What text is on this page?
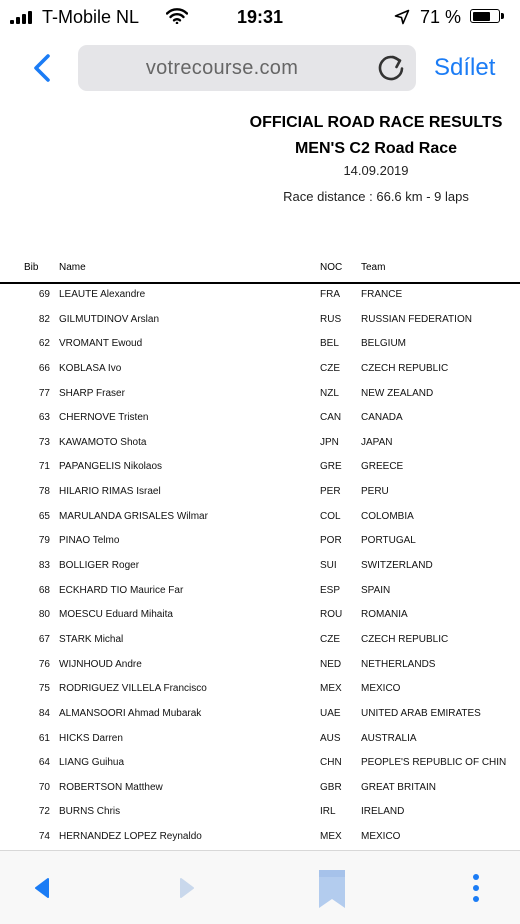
T-Mobile NL	19:31	71 %
votrecourse.com	Sdílet
OFFICIAL ROAD RACE RESULTS
MEN'S C2 Road Race
14.09.2019
Race distance : 66.6 km - 9 laps
Bib Name	NOC Team
69 LEAUTE Alexandre	FRA FRANCE
82 GILMUTDINOV Arslan	RUS RUSSIAN FEDERATION
62 VROMANT Ewoud	BEL BELGIUM
66 KOBLASA Ivo	CZE CZECH REPUBLIC
77 SHARP Fraser	NZL NEW ZEALAND
63 CHERNOVE Tristen	CAN CANADA
73 KAWAMOTO Shota	JPN JAPAN
71 PAPANGELIS Nikolaos	GRE GREECE
78 HILARIO RIMAS Israel	PER PERU
65 MARULANDA GRISALES Wilmar	COL COLOMBIA
79 PINAO Telmo	POR PORTUGAL
83 BOLLIGER Roger	SUI SWITZERLAND
68 ECKHARD TIO Maurice Far	ESP SPAIN
80 MOESCU Eduard Mihaita	ROU ROMANIA
67 STARK Michal	CZE CZECH REPUBLIC
76 WIJNHOUD Andre	NED NETHERLANDS
75 RODRIGUEZ VILLELA Francisco	MEX MEXICO
84 ALMANSOORI Ahmad Mubarak	UAE UNITED ARAB EMIRATES
61 HICKS Darren	AUS AUSTRALIA
64 LIANG Guihua	CHN PEOPLE'S REPUBLIC OF CHIN
70 ROBERTSON Matthew	GBR GREAT BRITAIN
72 BURNS Chris	IRL	IRELAND
74 HERNANDEZ LOPEZ Reynaldo	MEX MEXICO
